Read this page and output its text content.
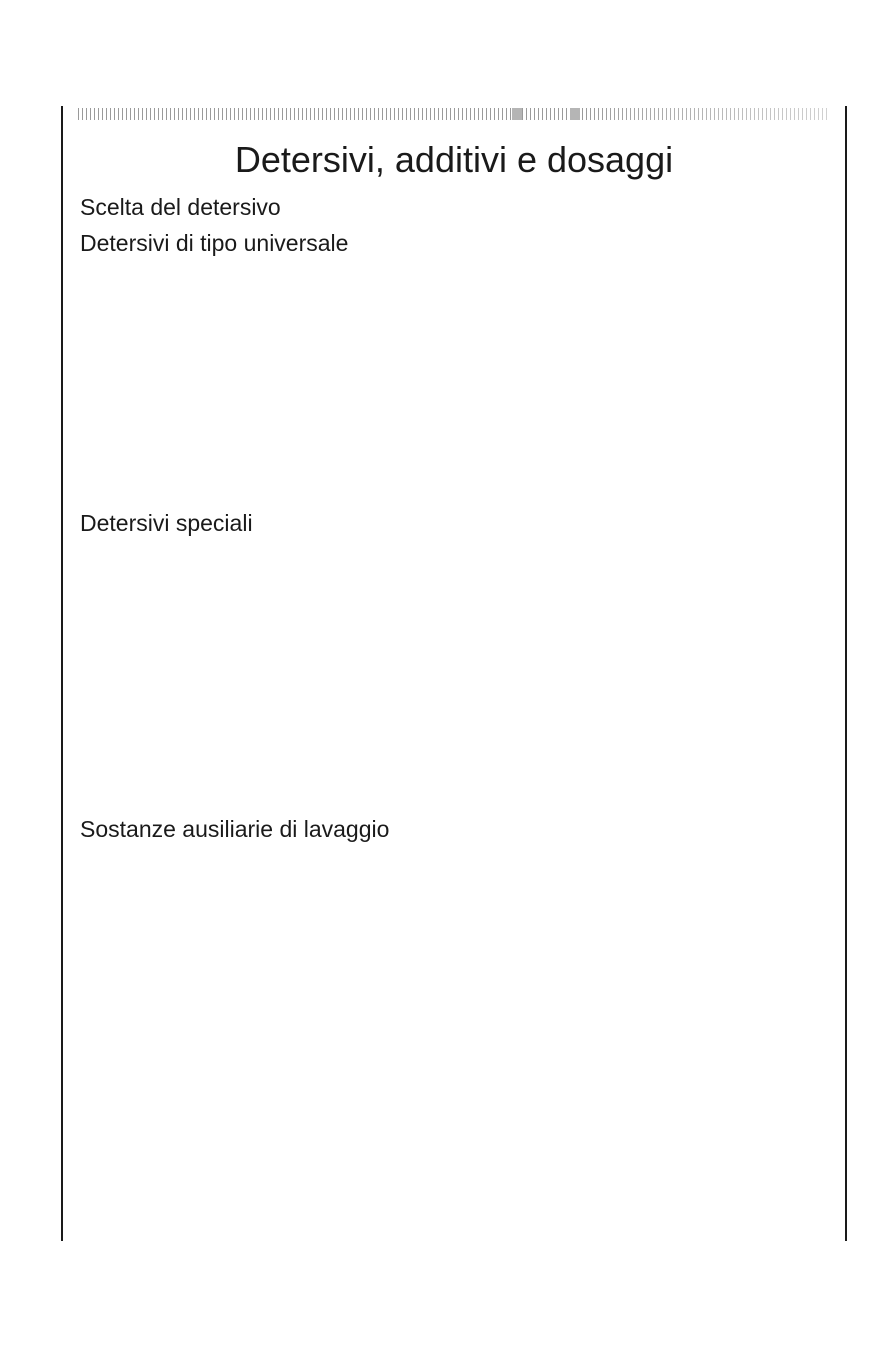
Detersivi, additivi e dosaggi
Scelta del detersivo
Detersivi di tipo universale
Detersivi speciali
Sostanze ausiliarie di lavaggio
